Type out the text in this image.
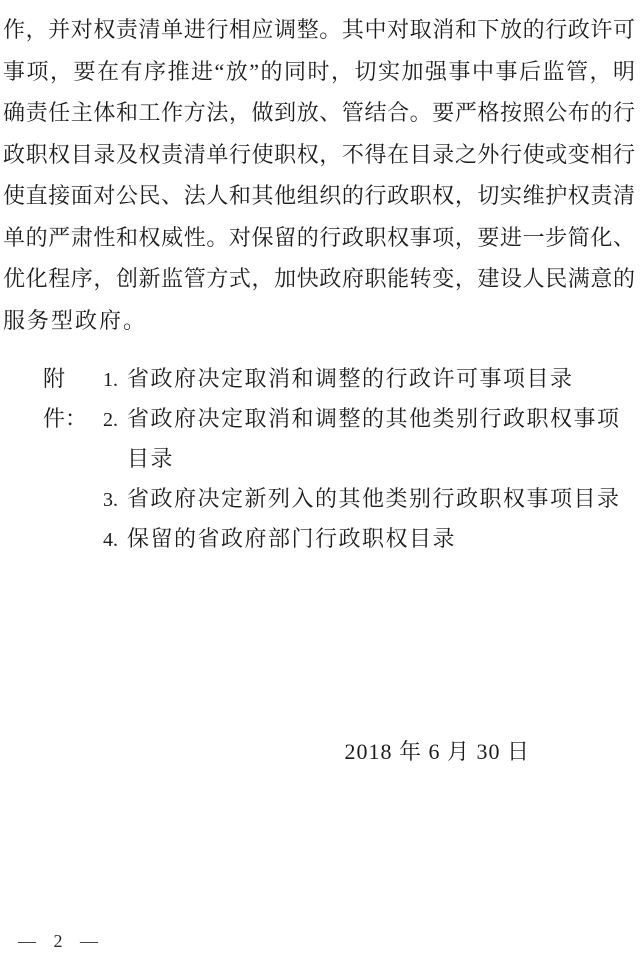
作，并对权责清单进行相应调整。其中对取消和下放的行政许可
事项，要在有序推进“放”的同时，切实加强事中事后监管，明
确责任主体和工作方法，做到放、管结合。要严格按照公布的行
政职权目录及权责清单行使职权，不得在目录之外行使或变相行
使直接面对公民、法人和其他组织的行政职权，切实维护权责清
单的严肃性和权威性。对保留的行政职权事项，要进一步简化、
优化程序，创新监管方式，加快政府职能转变，建设人民满意的
服务型政府。
附件：
1. 省政府决定取消和调整的行政许可事项目录
2. 省政府决定取消和调整的其他类别行政职权事项
目录
3. 省政府决定新列入的其他类别行政职权事项目录
4. 保留的省政府部门行政职权目录
2018 年 6 月 30 日
— 2 —
